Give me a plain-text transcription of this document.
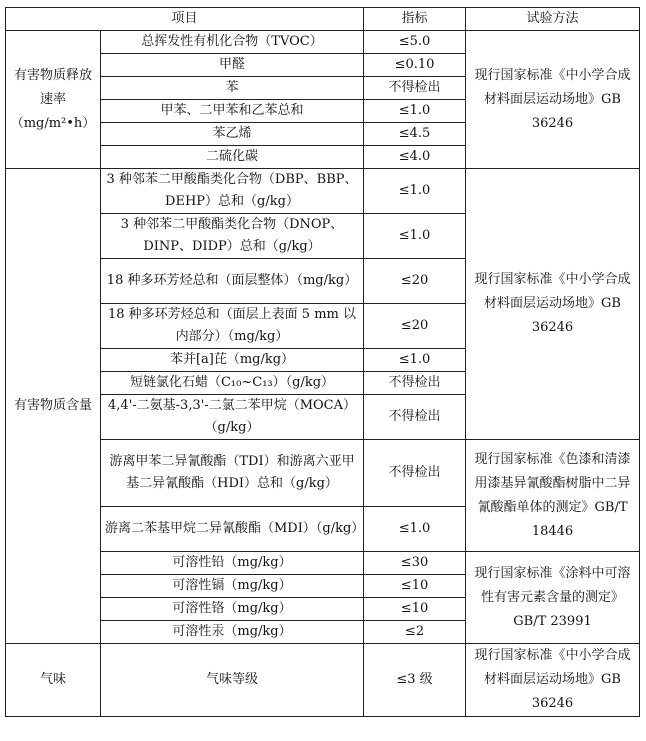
项目		指标	试验方法
有害物质释放速率（mg/m²•h）	总挥发性有机化合物（TVOC）	≤5.0	现行国家标准《中小学合成材料面层运动场地》GB 36246
	甲醛	≤0.10	
	苯	不得检出	
	甲苯、二甲苯和乙苯总和	≤1.0	
	苯乙烯	≤4.5	
	二硫化碳	≤4.0	
有害物质含量	3 种邻苯二甲酸酯类化合物（DBP、BBP、DEHP）总和（g/kg）	≤1.0	现行国家标准《中小学合成材料面层运动场地》GB 36246
	3 种邻苯二甲酸酯类化合物（DNOP、DINP、DIDP）总和（g/kg）	≤1.0	
	18 种多环芳烃总和（面层整体）（mg/kg）	≤20	
	18 种多环芳烃总和（面层上表面 5 mm 以内部分）（mg/kg）	≤20	
	苯并[a]芘（mg/kg）	≤1.0	
	短链氯化石蜡（C₁₀~C₁₃）（g/kg）	不得检出	
	4,4'-二氨基-3,3'-二氯二苯甲烷（MOCA）（g/kg）	不得检出	
	游离甲苯二异氰酸酯（TDI）和游离六亚甲基二异氰酸酯（HDI）总和（g/kg）	不得检出	现行国家标准《色漆和清漆用漆基异氰酸酯树脂中二异氰酸酯单体的测定》GB/T 18446
	游离二苯基甲烷二异氰酸酯（MDI）（g/kg）	≤1.0	
	可溶性铅（mg/kg）	≤30	现行国家标准《涂料中可溶性有害元素含量的测定》GB/T 23991
	可溶性镉（mg/kg）	≤10	
	可溶性铬（mg/kg）	≤10	
	可溶性汞（mg/kg）	≤2	
气味	气味等级	≤3 级	现行国家标准《中小学合成材料面层运动场地》GB 36246
